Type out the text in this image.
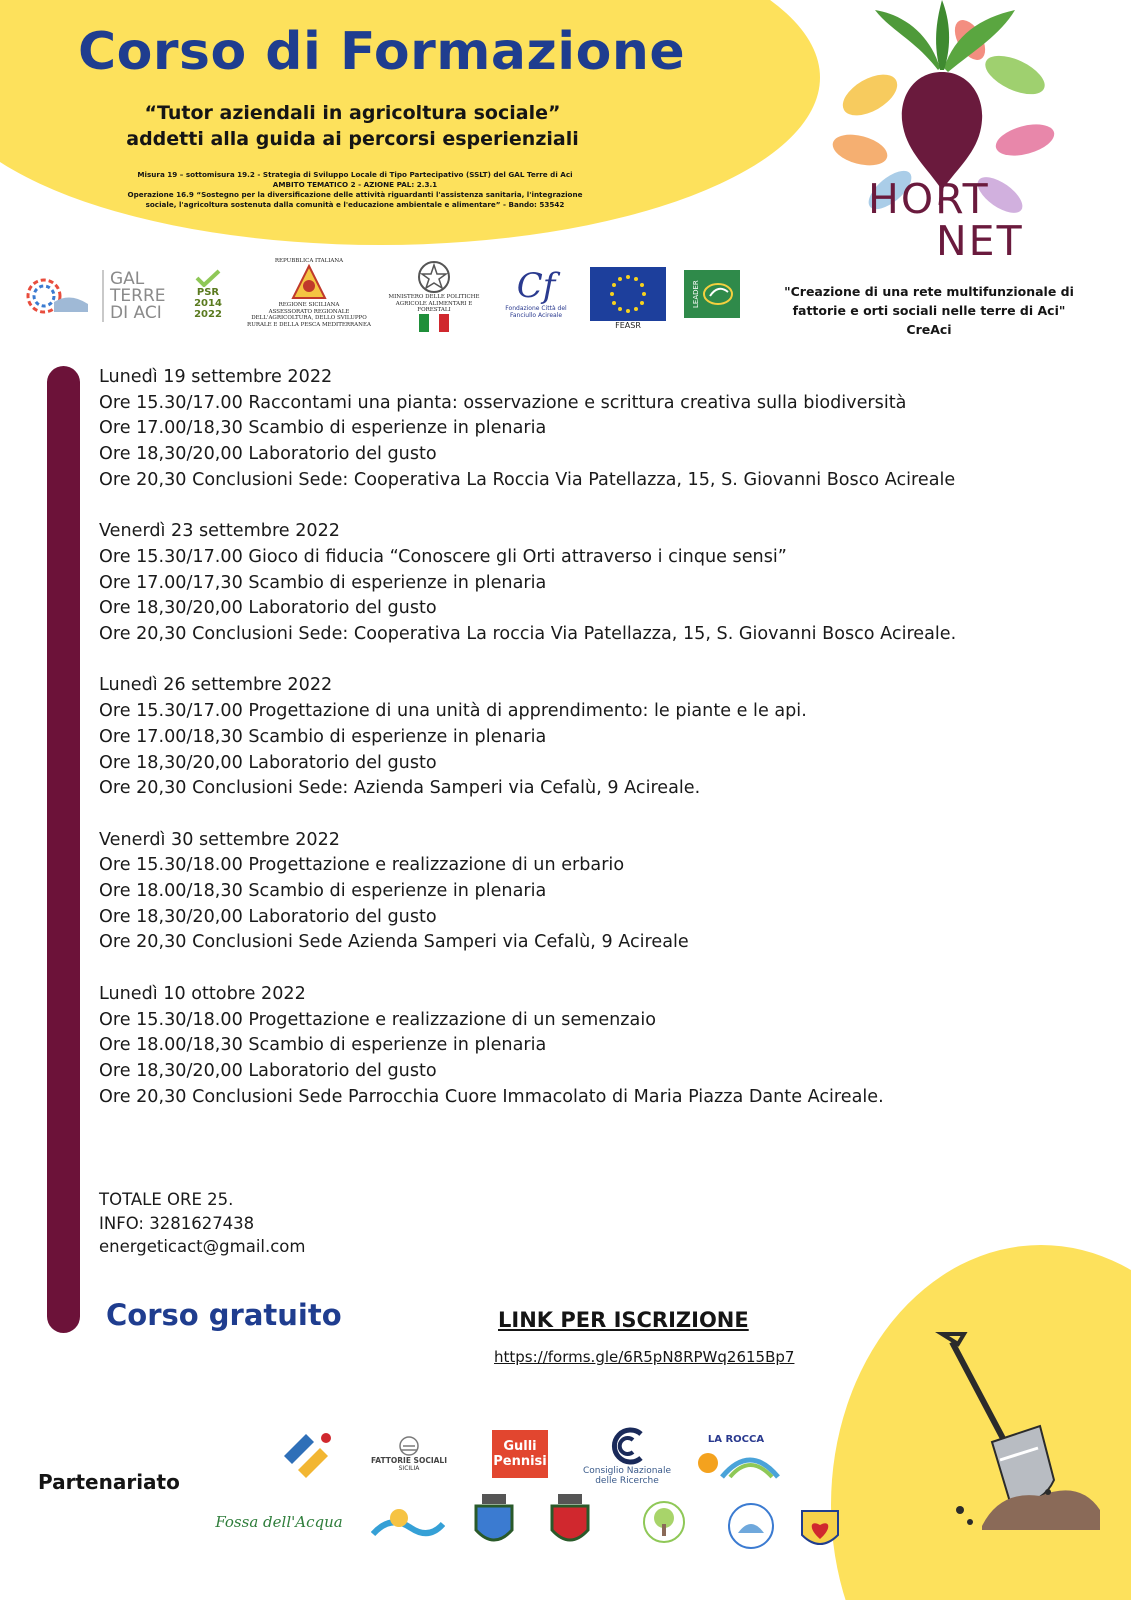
Corso di Formazione
“Tutor aziendali in agricoltura sociale”
addetti alla guida ai percorsi esperienziali
Misura 19 – sottomisura 19.2 - Strategia di Sviluppo Locale di Tipo Partecipativo (SSLT) del GAL Terre di Aci
AMBITO TEMATICO 2 - AZIONE PAL: 2.3.1
Operazione 16.9 “Sostegno per la diversificazione delle attività riguardanti l'assistenza sanitaria, l'integrazione
sociale, l'agricoltura sostenuta dalla comunità e l'educazione ambientale e alimentare” - Bando: 53542	HORT
NET
GAL
TERRE
DI ACI
PSR
2014
2022
REPUBBLICA ITALIANA
REGIONE SICILIANA
ASSESSORATO REGIONALE DELL'AGRICOLTURA, DELLO SVILUPPO RURALE E DELLA PESCA MEDITERRANEA
MINISTERO DELLE POLITICHE AGRICOLE ALIMENTARI E FORESTALI
Cf
Fondazione Città del Fanciullo Acireale
FEASR
LEADER	"Creazione di una rete multifunzionale di
fattorie e orti sociali nelle terre di Aci"
CreAci

Lunedì 19 settembre 2022

Ore 15.30/17.00 Raccontami una pianta: osservazione e scrittura creativa sulla biodiversità

Ore 17.00/18,30 Scambio di esperienze in plenaria

Ore 18,30/20,00 Laboratorio del gusto

Ore 20,30 Conclusioni Sede: Cooperativa La Roccia Via Patellazza, 15, S. Giovanni Bosco Acireale

Venerdì 23 settembre 2022

Ore 15.30/17.00 Gioco di fiducia “Conoscere gli Orti attraverso i cinque sensi”

Ore 17.00/17,30 Scambio di esperienze in plenaria

Ore 18,30/20,00 Laboratorio del gusto

Ore 20,30 Conclusioni Sede: Cooperativa La roccia Via Patellazza, 15, S. Giovanni Bosco Acireale.

Lunedì 26 settembre 2022

Ore 15.30/17.00 Progettazione di una unità di apprendimento: le piante e le api.

Ore 17.00/18,30 Scambio di esperienze in plenaria

Ore 18,30/20,00 Laboratorio del gusto

Ore 20,30 Conclusioni Sede: Azienda Samperi via Cefalù, 9 Acireale.

Venerdì 30 settembre 2022

Ore 15.30/18.00 Progettazione e realizzazione di un erbario

Ore 18.00/18,30 Scambio di esperienze in plenaria

Ore 18,30/20,00 Laboratorio del gusto

Ore 20,30 Conclusioni Sede Azienda Samperi via Cefalù, 9 Acireale

Lunedì 10 ottobre 2022

Ore 15.30/18.00 Progettazione e realizzazione di un semenzaio

Ore 18.00/18,30 Scambio di esperienze in plenaria

Ore 18,30/20,00 Laboratorio del gusto

Ore 20,30 Conclusioni Sede Parrocchia Cuore Immacolato di Maria Piazza Dante Acireale.

TOTALE ORE 25.
INFO: 3281627438
energeticact@gmail.com
Corso gratuito	LINK PER ISCRIZIONE
https://forms.gle/6R5pN8RPWq2615Bp7
Partenariato
FATTORIE SOCIALI
SICILIA
Gulli
Pennisi
Consiglio Nazionale
delle Ricerche
LA ROCCA
Fossa dell'Acqua
